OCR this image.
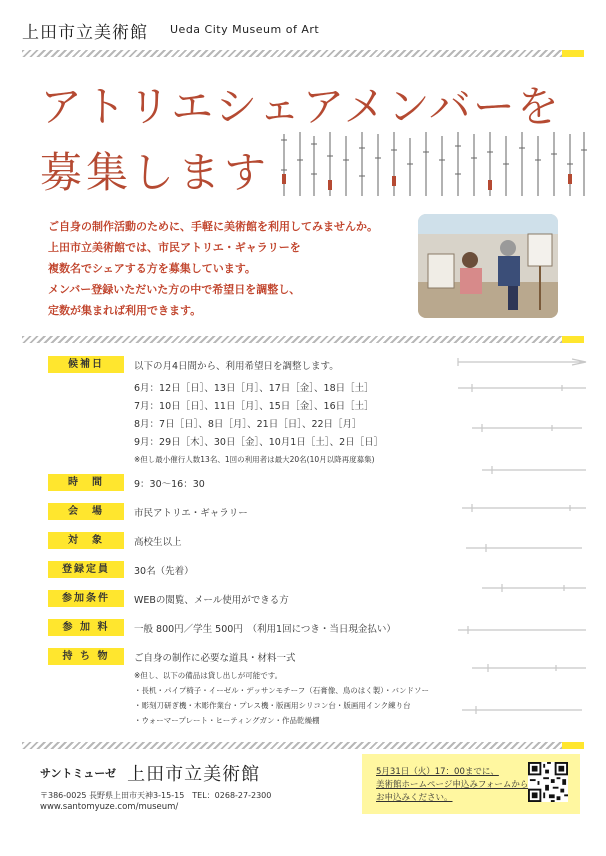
上田市立美術館 Ueda City Museum of Art
アトリエシェアメンバーを
募集します
ご自身の制作活動のために、手軽に美術館を利用してみませんか。
上田市立美術館では、市民アトリエ・ギャラリーを
複数名でシェアする方を募集しています。
メンバー登録いただいた方の中で希望日を調整し、
定数が集まれば利用できます。
候補日	以下の月4日間から、利用希望日を調整します。
6月：12日［日］、13日［月］、17日［金］、18日［土］
7月：10日［日］、11日［月］、15日［金］、16日［土］
8月：7日［日］、8日［月］、21日［日］、22日［月］
9月：29日［木］、30日［金］、10月1日［土］、2日［日］
※但し最小催行人数13名、1回の利用者は最大20名(10月以降再度募集)
時　間	9：30〜16：30
会　場	市民アトリエ・ギャラリー
対　象	高校生以上
登録定員	30名（先着）
参加条件	WEBの閲覧、メール使用ができる方
参 加 料	一般 800円／学生 500円　（利用1回につき・当日現金払い）
持 ち 物	ご自身の制作に必要な道具・材料一式
※但し、以下の備品は貸し出しが可能です。
・長机・パイプ椅子・イーゼル・デッサンモチーフ（石膏像、鳥のはく製）・バンドソー
・彫刻刀研ぎ機・木彫作業台・プレス機・版画用シリコン台・版画用インク練り台
・ウォーマープレート・ヒーティングガン・作品乾燥棚
サントミューゼ 上田市立美術館
〒386-0025 長野県上田市天神3-15-15　TEL：0268-27-2300
www.santomyuze.com/museum/
5月31日（火）17：00までに、
美術館ホームページ申込みフォームから
お申込みください。
